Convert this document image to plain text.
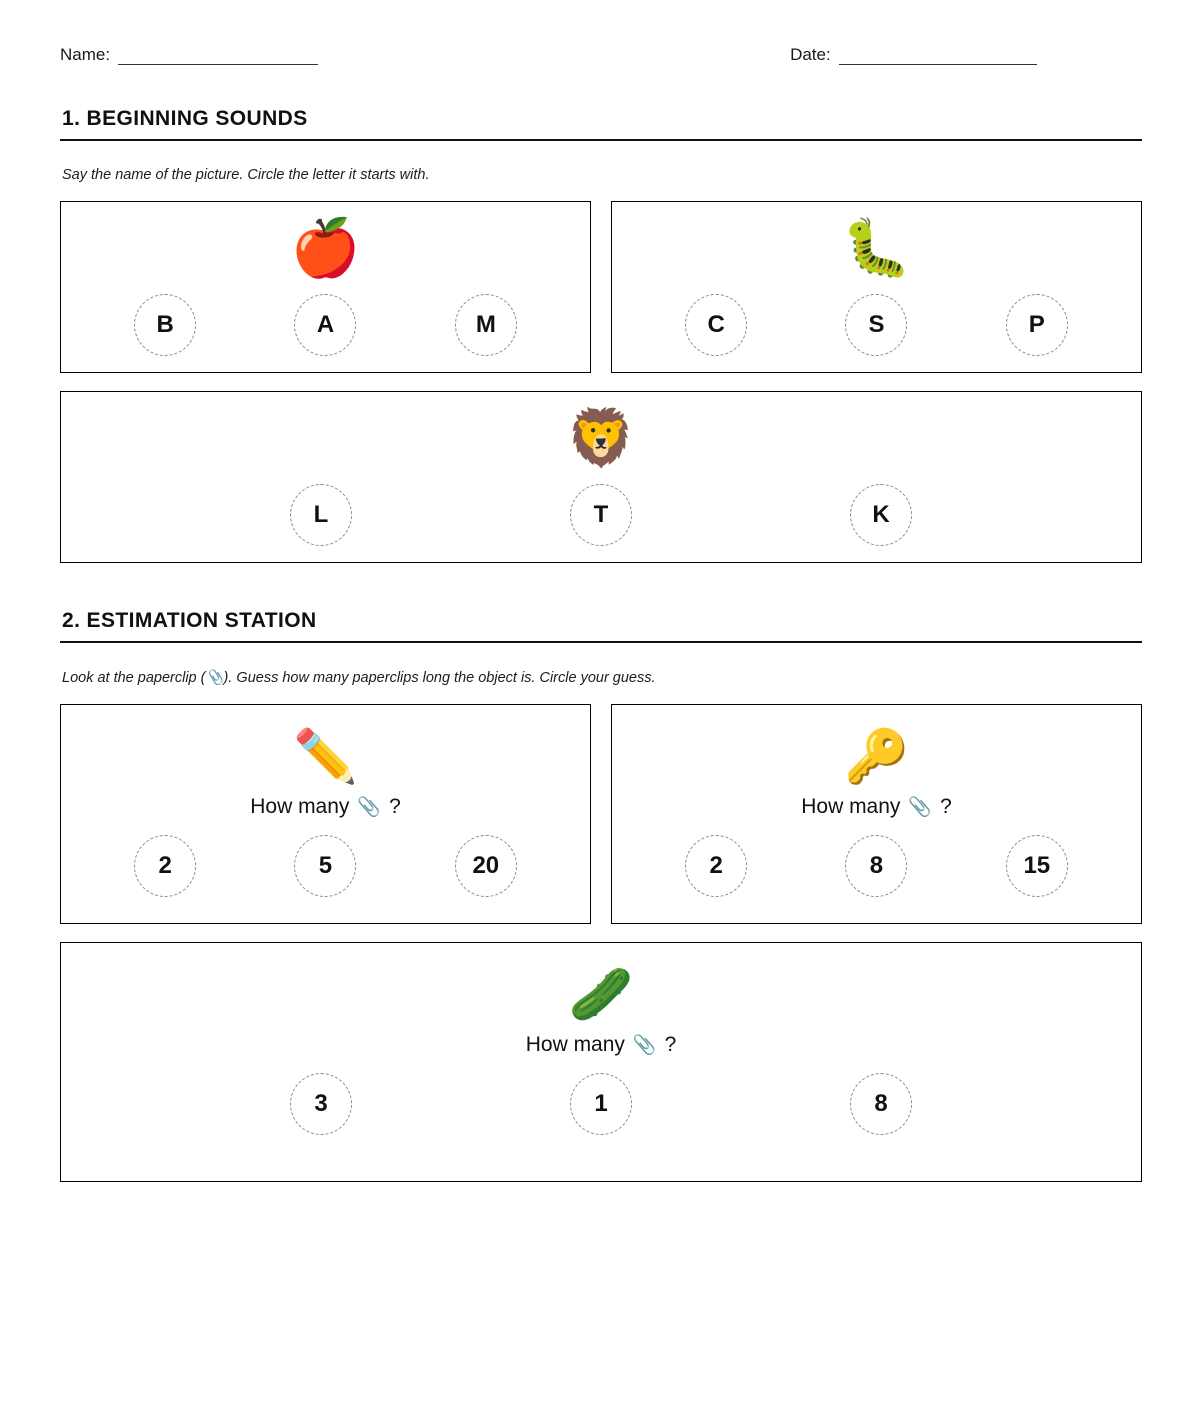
Name:	Date:
1. BEGINNING SOUNDS
Say the name of the picture. Circle the letter it starts with.
🍎
B	A	M
🐛
C	S	P
🦁
L	T	K
2. ESTIMATION STATION
Look at the paperclip (📎). Guess how many paperclips long the object is. Circle your guess.
✏️
How many 📎 ?
2	5	20
🔑
How many 📎 ?
2	8	15
🥒
How many 📎 ?
3	1	8
